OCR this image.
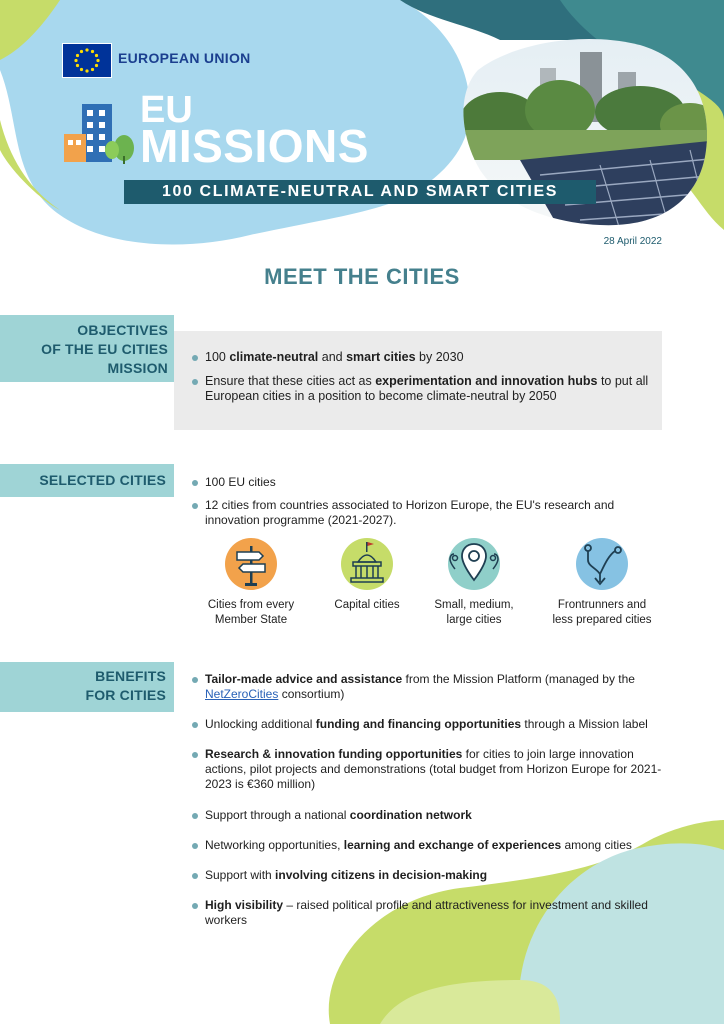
EUROPEAN UNION
EU
MISSIONS
100 CLIMATE-NEUTRAL AND SMART CITIES
28 April 2022
MEET THE CITIES
OBJECTIVES
OF THE EU CITIES
MISSION
100 climate-neutral and smart cities by 2030
Ensure that these cities act as experimentation and innovation hubs to put all European cities in a position to become climate-neutral by 2050
SELECTED CITIES	100 EU cities
12 cities from countries associated to Horizon Europe, the EU's research and innovation programme (2021-2027).
Cities from every
Member State
Capital cities	Small, medium,
large cities
Frontrunners and
less prepared cities
BENEFITS
FOR CITIES
Tailor-made advice and assistance from the Mission Platform (managed by the NetZeroCities consortium)
Unlocking additional funding and financing opportunities through a Mission label
Research & innovation funding opportunities for cities to join large innovation actions, pilot projects and demonstrations (total budget from Horizon Europe for 2021-2023 is €360 million)
Support through a national coordination network
Networking opportunities, learning and exchange of experiences among cities
Support with involving citizens in decision-making
High visibility – raised political profile and attractiveness for investment and skilled workers
